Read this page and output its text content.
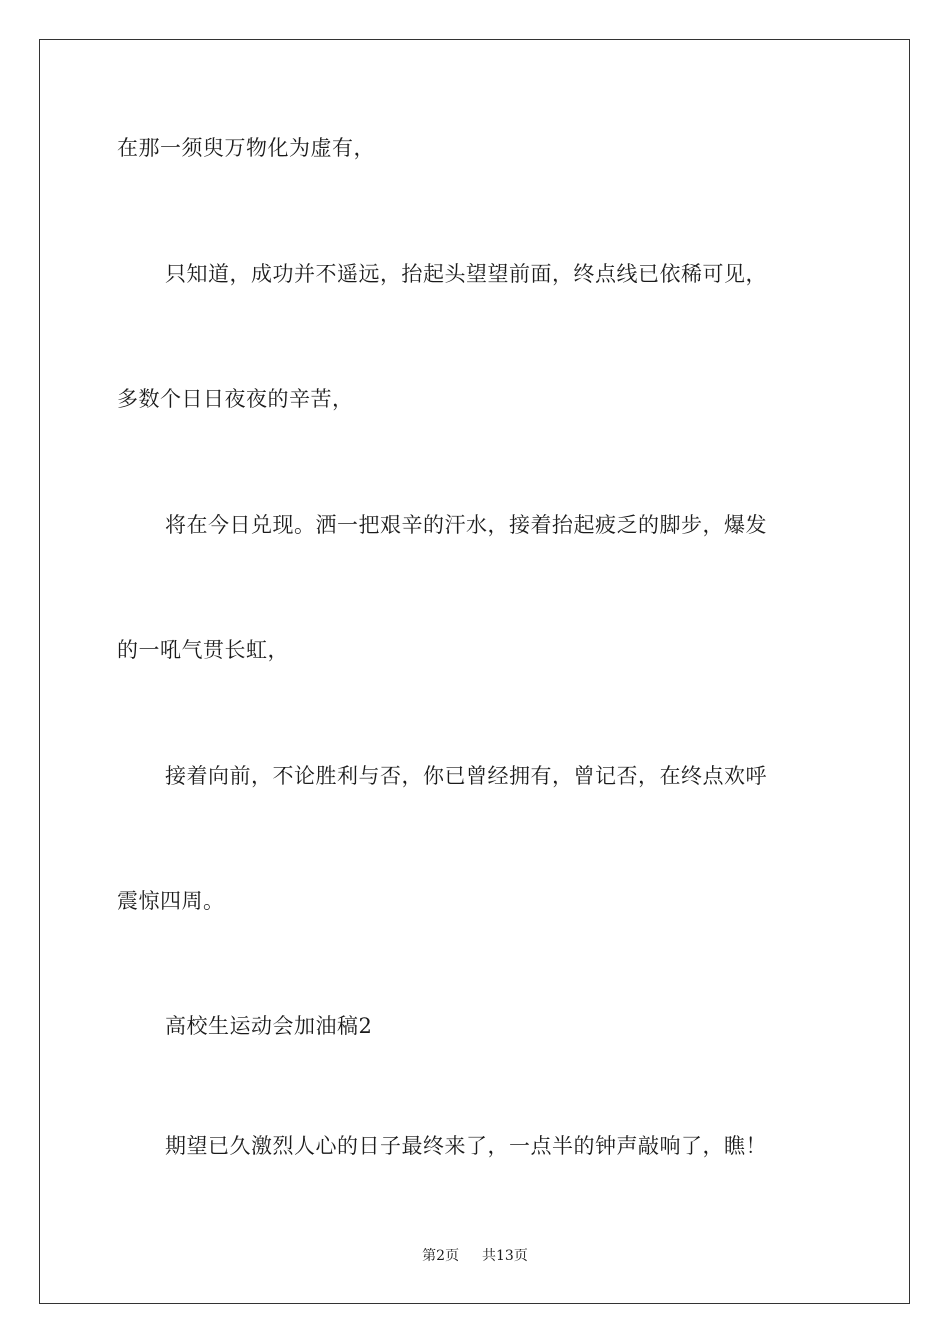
在那一须臾万物化为虚有，
只知道，成功并不遥远，抬起头望望前面，终点线已依稀可见，
多数个日日夜夜的辛苦，
将在今日兑现。洒一把艰辛的汗水，接着抬起疲乏的脚步，爆发
的一吼气贯长虹，
接着向前，不论胜利与否，你已曾经拥有，曾记否，在终点欢呼
震惊四周。
高校生运动会加油稿2
期望已久激烈人心的日子最终来了，一点半的钟声敲响了，瞧！
第2页 共13页
